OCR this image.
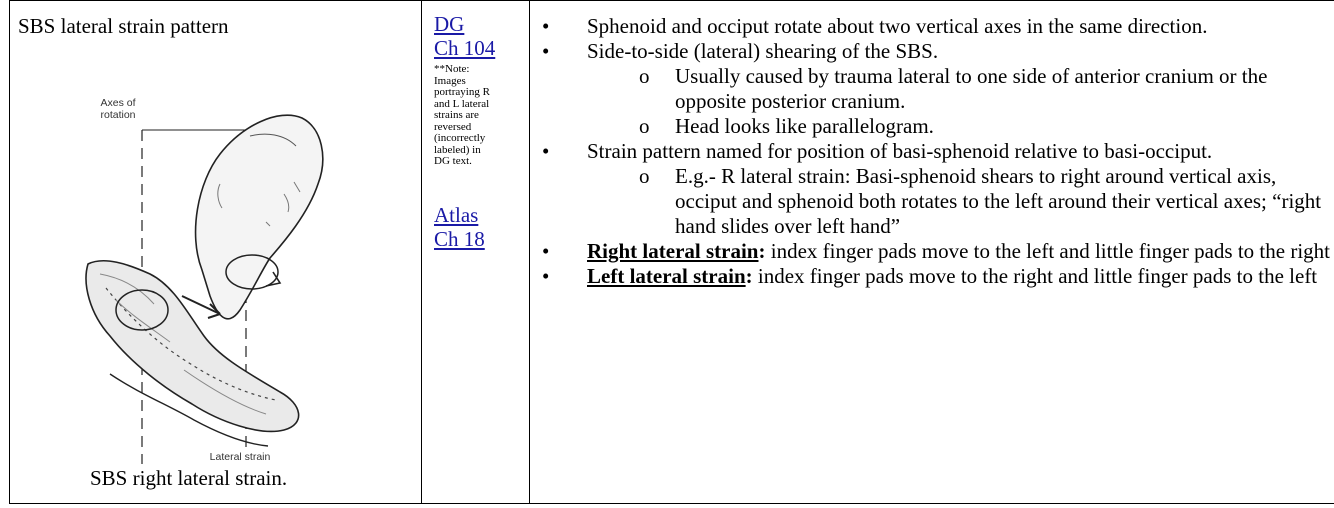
SBS lateral strain pattern
Axes of
rotation
Lateral strain
SBS right lateral strain.
DG
Ch 104

**Note:

Images

portraying R

and L lateral

strains are

reversed

(incorrectly

labeled) in

DG text.

Atlas
Ch 18
• Sphenoid and occiput rotate about two vertical axes in the same direction.
• Side-to-side (lateral) shearing of the SBS.
o Usually caused by trauma lateral to one side of anterior cranium or the opposite posterior cranium.
o Head looks like parallelogram.
• Strain pattern named for position of basi-sphenoid relative to basi-occiput.
o E.g.- R lateral strain: Basi-sphenoid shears to right around vertical axis, occiput and sphenoid both rotates to the left around their vertical axes; “right hand slides over left hand”
• Right lateral strain: index finger pads move to the left and little finger pads to the right
• Left lateral strain: index finger pads move to the right and little finger pads to the left
